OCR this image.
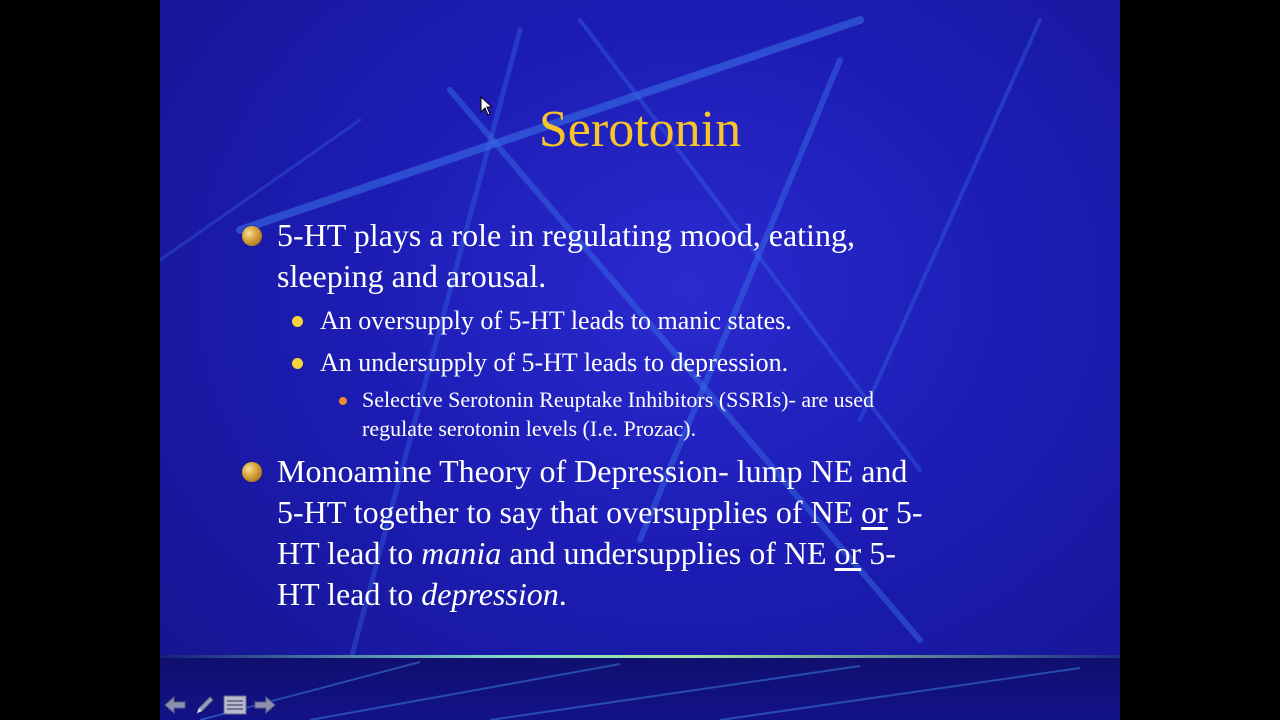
Serotonin
5-HT plays a role in regulating mood, eating,
sleeping and arousal.
An oversupply of 5-HT leads to manic states.
An undersupply of 5-HT leads to depression.
Selective Serotonin Reuptake Inhibitors (SSRIs)- are used
regulate serotonin levels (I.e. Prozac).
Monoamine Theory of Depression- lump NE and
5-HT together to say that oversupplies of NE or 5-
HT lead to mania and undersupplies of NE or 5-
HT lead to depression.
